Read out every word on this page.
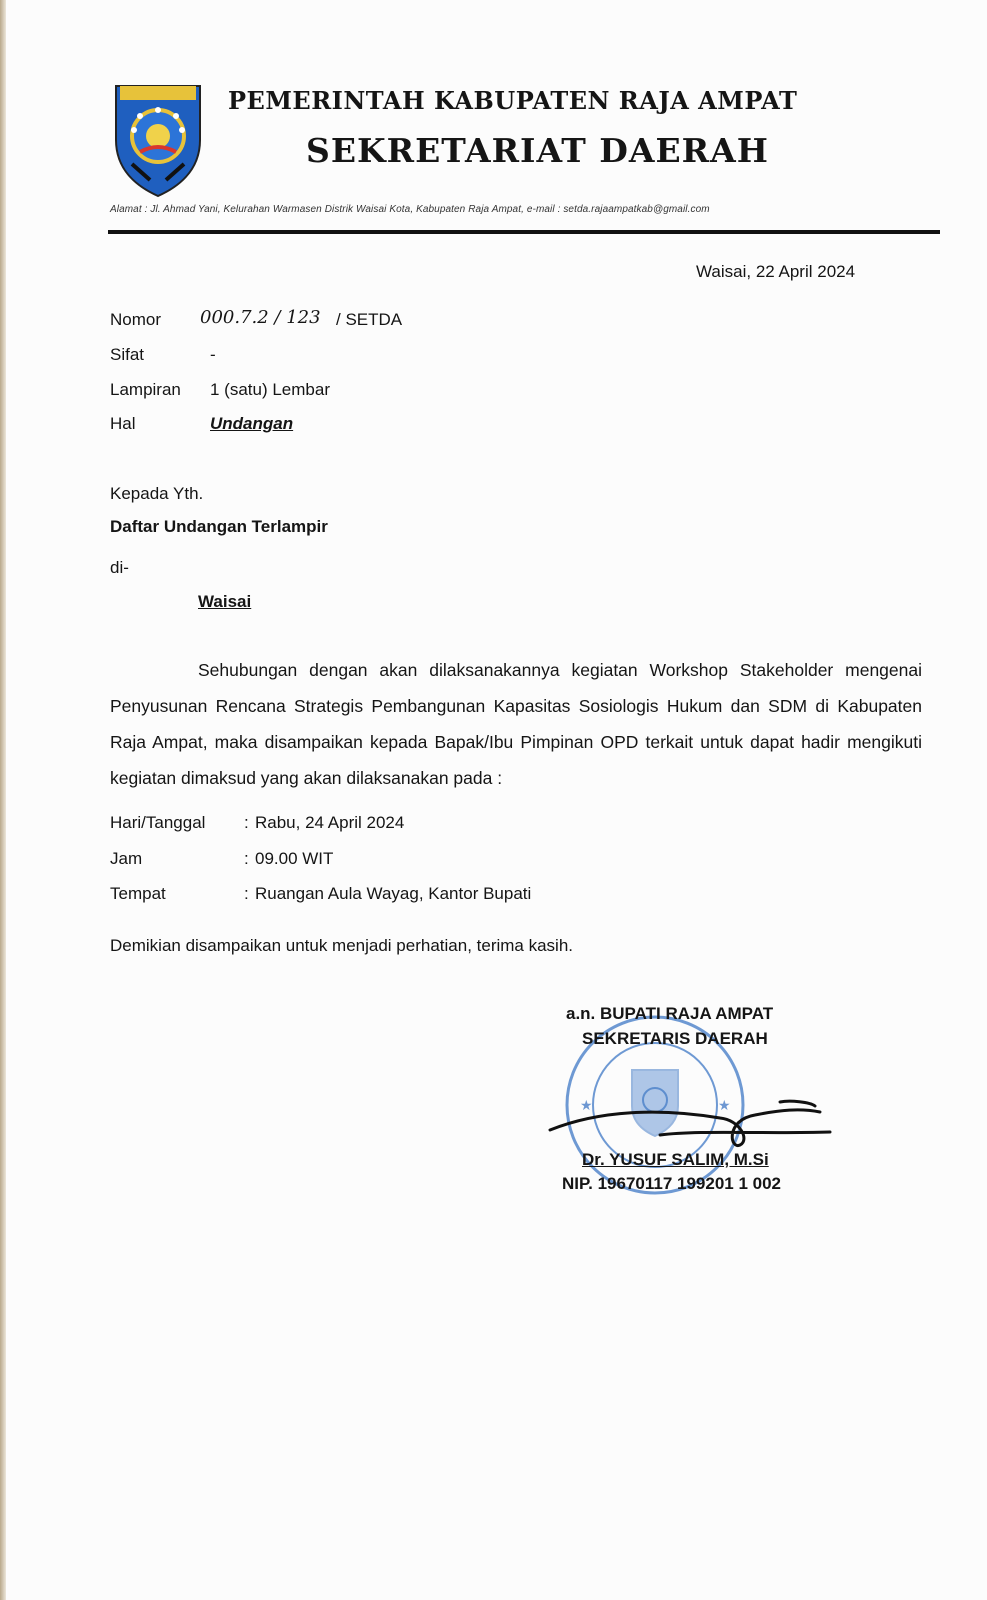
PEMERINTAH KABUPATEN RAJA AMPAT
SEKRETARIAT DAERAH
Alamat : Jl. Ahmad Yani, Kelurahan Warmasen Distrik Waisai Kota, Kabupaten Raja Ampat, e-mail : setda.rajaampatkab@gmail.com
Waisai, 22 April 2024
Nomor 000.7.2 / 123 / SETDA
Sifat	-
Lampiran 1 (satu) Lembar
Hal	Undangan
Kepada Yth.
Daftar Undangan Terlampir
di-
Waisai
Sehubungan dengan akan dilaksanakannya kegiatan Workshop Stakeholder mengenai Penyusunan Rencana Strategis Pembangunan Kapasitas Sosiologis Hukum dan SDM di Kabupaten Raja Ampat, maka disampaikan kepada Bapak/Ibu Pimpinan OPD terkait untuk dapat hadir mengikuti kegiatan dimaksud yang akan dilaksanakan pada :
Hari/Tanggal : Rabu, 24 April 2024
Jam	: 09.00 WIT
Tempat	: Ruangan Aula Wayag, Kantor Bupati
Demikian disampaikan untuk menjadi perhatian, terima kasih.
★	★
a.n. BUPATI RAJA AMPAT
SEKRETARIS DAERAH
Dr. YUSUF SALIM, M.Si
NIP. 19670117 199201 1 002
